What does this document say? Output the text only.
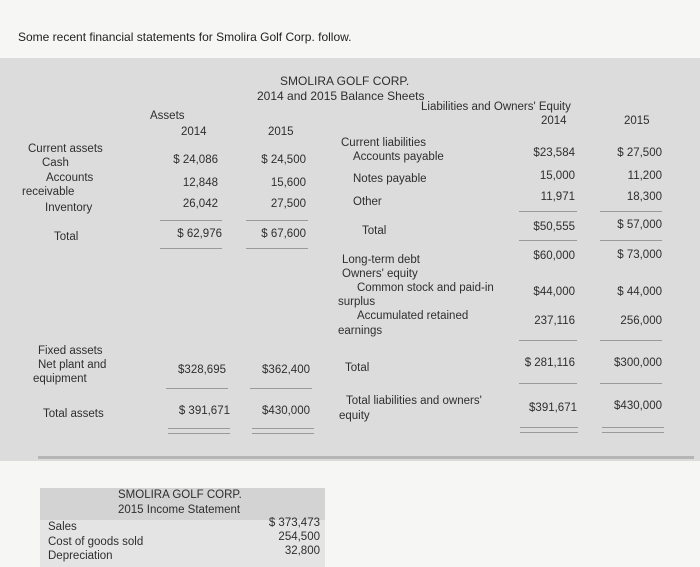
Some recent financial statements for Smolira Golf Corp. follow.
SMOLIRA GOLF CORP.
2014 and 2015 Balance Sheets
Assets
Liabilities and Owners' Equity
2014	2015
2014	2015
Current assets
Cash	$ 24,086	$ 24,500
Accounts
receivable
12,848	15,600
Inventory	26,042	27,500
Total	$ 62,976	$ 67,600
Fixed assets
Net plant and
equipment
$328,695	$362,400
Total assets	$ 391,671	$430,000
Current liabilities
Accounts payable	$23,584	$ 27,500
Notes payable	15,000	11,200
Other	11,971	18,300
Total	$50,555	$ 57,000
Long-term debt	$60,000	$ 73,000
Owners' equity
Common stock and paid-in
surplus
$44,000	$ 44,000
Accumulated retained
earnings
237,116	256,000
Total	$ 281,116	$300,000
Total liabilities and owners'
equity
$391,671	$430,000
SMOLIRA GOLF CORP.
2015 Income Statement
Sales	$ 373,473
Cost of goods sold	254,500
Depreciation	32,800
